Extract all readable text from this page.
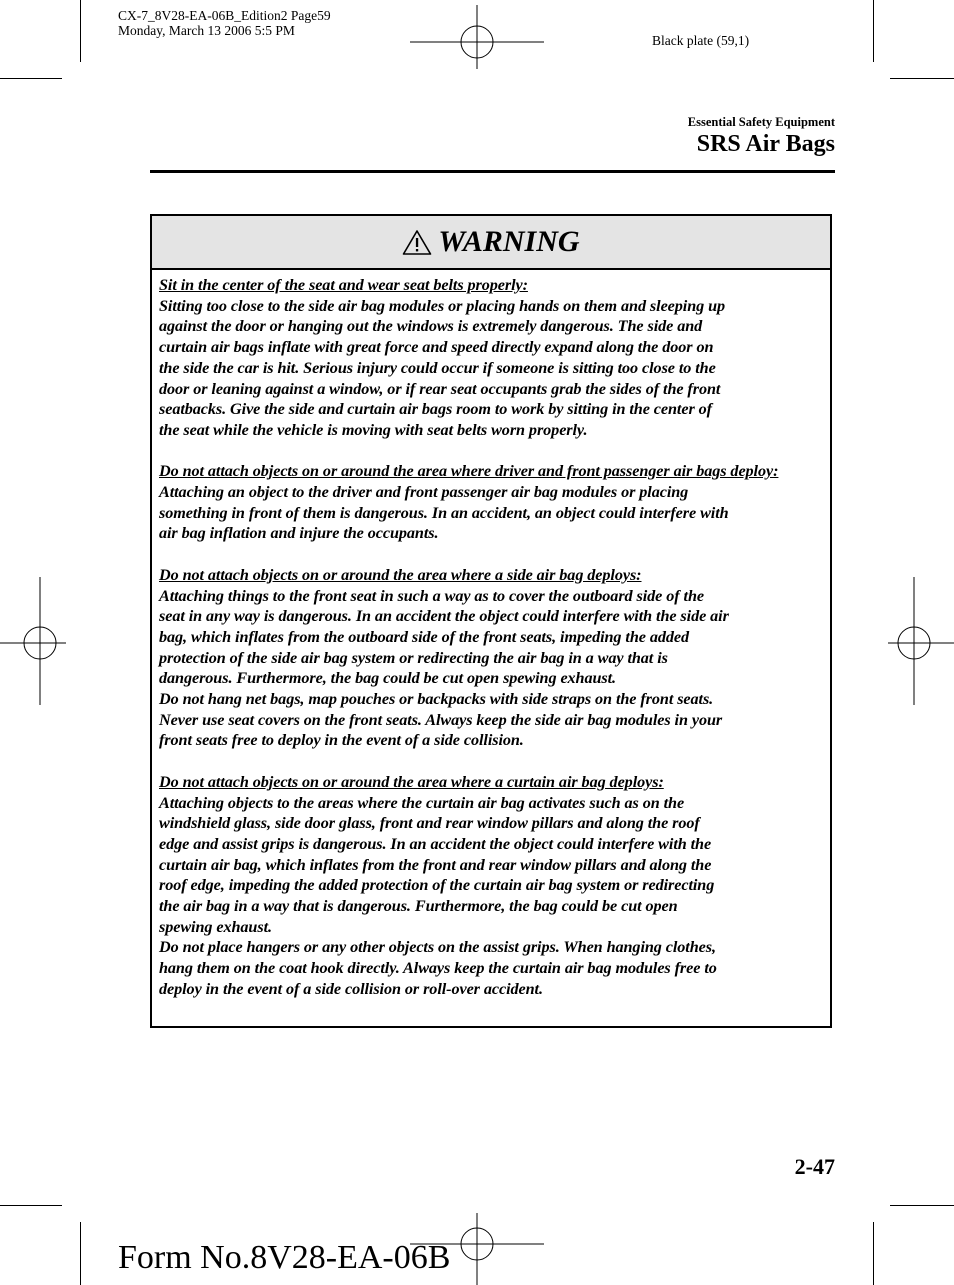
CX-7_8V28-EA-06B_Edition2 Page59
Monday, March 13 2006 5:5 PM
Black plate (59,1)
Essential Safety Equipment
SRS Air Bags
WARNING
Sit in the center of the seat and wear seat belts properly:
Sitting too close to the side air bag modules or placing hands on them and sleeping up
against the door or hanging out the windows is extremely dangerous. The side and
curtain air bags inflate with great force and speed directly expand along the door on
the side the car is hit. Serious injury could occur if someone is sitting too close to the
door or leaning against a window, or if rear seat occupants grab the sides of the front
seatbacks. Give the side and curtain air bags room to work by sitting in the center of
the seat while the vehicle is moving with seat belts worn properly.
Do not attach objects on or around the area where driver and front passenger air bags deploy:
Attaching an object to the driver and front passenger air bag modules or placing
something in front of them is dangerous. In an accident, an object could interfere with
air bag inflation and injure the occupants.
Do not attach objects on or around the area where a side air bag deploys:
Attaching things to the front seat in such a way as to cover the outboard side of the
seat in any way is dangerous. In an accident the object could interfere with the side air
bag, which inflates from the outboard side of the front seats, impeding the added
protection of the side air bag system or redirecting the air bag in a way that is
dangerous. Furthermore, the bag could be cut open spewing exhaust.
Do not hang net bags, map pouches or backpacks with side straps on the front seats.
Never use seat covers on the front seats. Always keep the side air bag modules in your
front seats free to deploy in the event of a side collision.
Do not attach objects on or around the area where a curtain air bag deploys:
Attaching objects to the areas where the curtain air bag activates such as on the
windshield glass, side door glass, front and rear window pillars and along the roof
edge and assist grips is dangerous. In an accident the object could interfere with the
curtain air bag, which inflates from the front and rear window pillars and along the
roof edge, impeding the added protection of the curtain air bag system or redirecting
the air bag in a way that is dangerous. Furthermore, the bag could be cut open
spewing exhaust.
Do not place hangers or any other objects on the assist grips. When hanging clothes,
hang them on the coat hook directly. Always keep the curtain air bag modules free to
deploy in the event of a side collision or roll-over accident.
2-47
Form No.8V28-EA-06B
